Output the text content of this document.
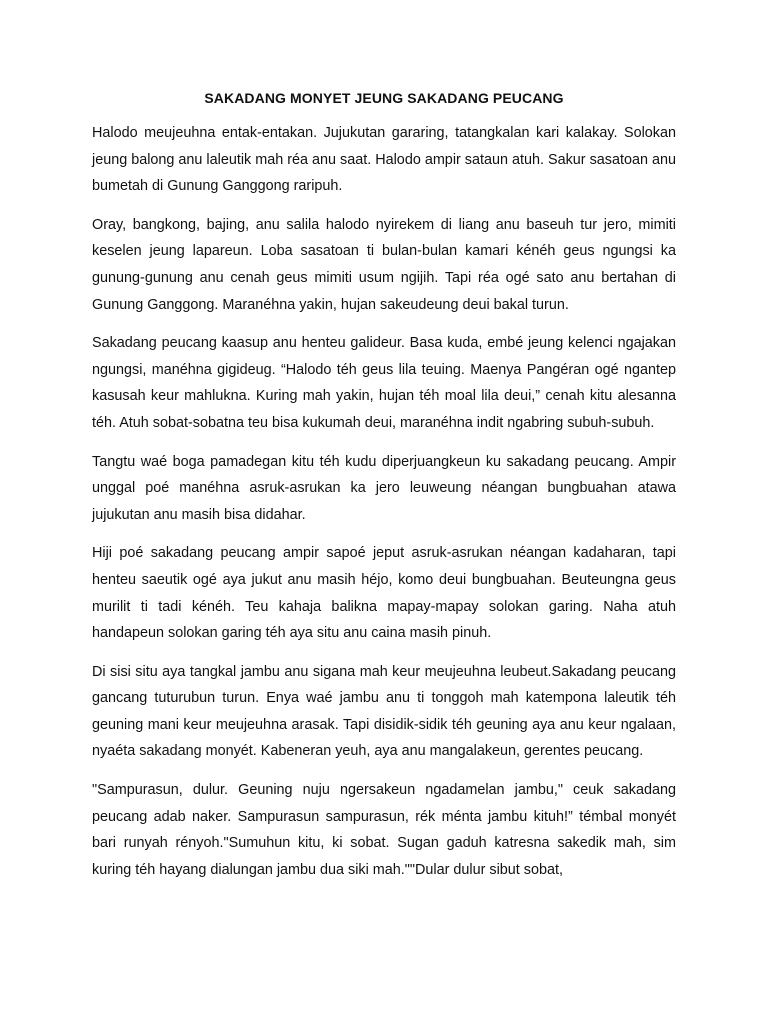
SAKADANG MONYET JEUNG SAKADANG PEUCANG

Halodo meujeuhna entak-entakan. Jujukutan gararing, tatangkalan kari kalakay. Solokan jeung balong anu laleutik mah réa anu saat. Halodo ampir sataun atuh. Sakur sasatoan anu bumetah di Gunung Ganggong raripuh.

Oray, bangkong, bajing, anu salila halodo nyirekem di liang anu baseuh tur jero, mimiti keselen jeung lapareun. Loba sasatoan ti bulan-bulan kamari kénéh geus ngungsi ka gunung-gunung anu cenah geus mimiti usum ngijih. Tapi réa ogé sato anu bertahan di Gunung Ganggong. Maranéhna yakin, hujan sakeudeung deui bakal turun.

Sakadang peucang kaasup anu henteu galideur. Basa kuda, embé jeung kelenci ngajakan ngungsi, manéhna gigideug. “Halodo téh geus lila teuing. Maenya Pangéran ogé ngantep kasusah keur mahlukna. Kuring mah yakin, hujan téh moal lila deui,” cenah kitu alesanna téh. Atuh sobat-sobatna teu bisa kukumah deui, maranéhna indit ngabring subuh-subuh.

Tangtu waé boga pamadegan kitu téh kudu diperjuangkeun ku sakadang peucang. Ampir unggal poé manéhna asruk-asrukan ka jero leuweung néangan bungbuahan atawa jujukutan anu masih bisa didahar.

Hiji poé sakadang peucang ampir sapoé jeput asruk-asrukan néangan kadaharan, tapi henteu saeutik ogé aya jukut anu masih héjo, komo deui bungbuahan. Beuteungna geus murilit ti tadi kénéh. Teu kahaja balikna mapay-mapay solokan garing. Naha atuh handapeun solokan garing téh aya situ anu caina masih pinuh.

Di sisi situ aya tangkal jambu anu sigana mah keur meujeuhna leubeut.Sakadang peucang gancang tuturubun turun. Enya waé jambu anu ti tonggoh mah katempona laleutik téh geuning mani keur meujeuhna arasak. Tapi disidik-sidik téh geuning aya anu keur ngalaan, nyaéta sakadang monyét. Kabeneran yeuh, aya anu mangalakeun, gerentes peucang.

"Sampurasun, dulur. Geuning nuju ngersakeun ngadamelan jambu," ceuk sakadang peucang adab naker. Sampurasun sampurasun, rék ménta jambu kituh!” témbal monyét bari runyah rényoh."Sumuhun kitu, ki sobat. Sugan gaduh katresna sakedik mah, sim kuring téh hayang dialungan jambu dua siki mah.""Dular dulur sibut sobat,
